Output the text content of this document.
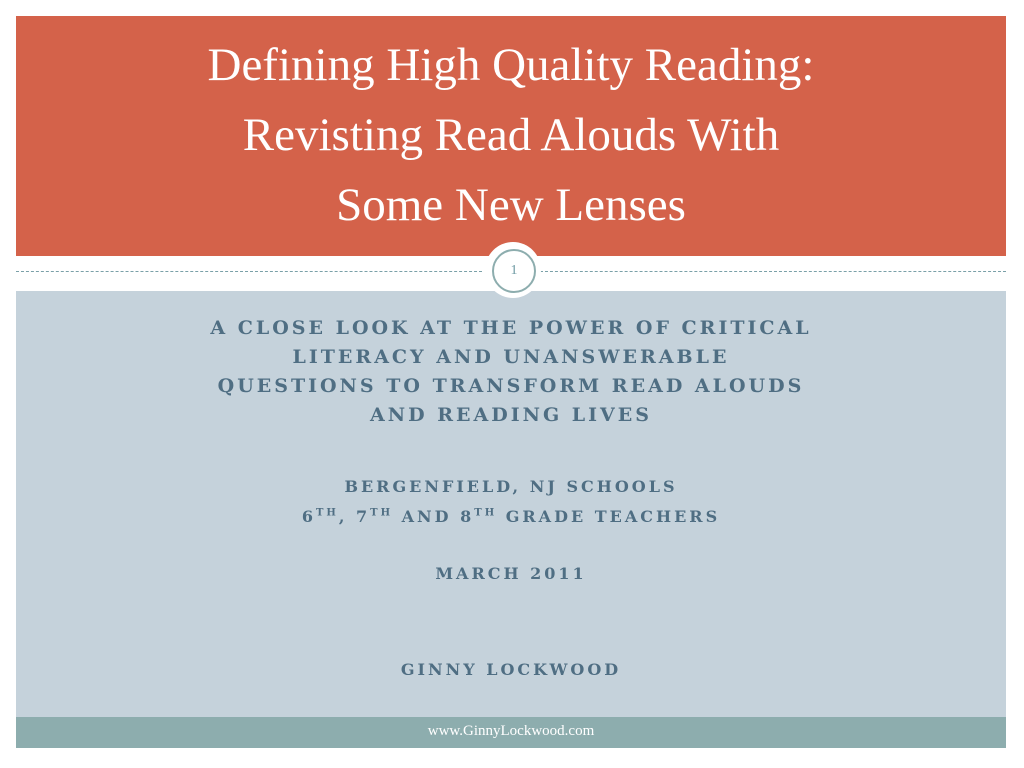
Defining High Quality Reading:
Revisting Read Alouds With
Some New Lenses
1
A CLOSE LOOK AT THE POWER OF CRITICAL
LITERACY AND UNANSWERABLE
QUESTIONS TO TRANSFORM READ ALOUDS
AND READING LIVES
BERGENFIELD, NJ SCHOOLS
6TH, 7TH AND 8TH GRADE TEACHERS
MARCH 2011
GINNY LOCKWOOD
www.GinnyLockwood.com
